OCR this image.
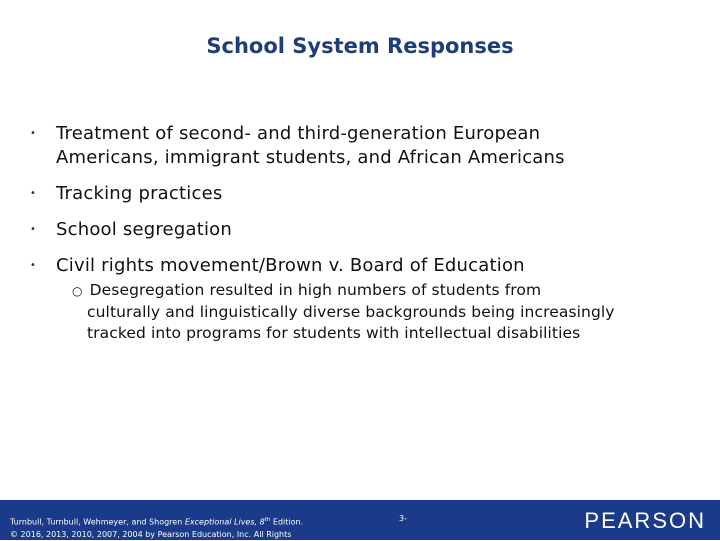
School System Responses
• Treatment of second- and third-generation European
Americans, immigrant students, and African Americans
• Tracking practices
• School segregation
• Civil rights movement/Brown v. Board of Education
○ Desegregation resulted in high numbers of students from
culturally and linguistically diverse backgrounds being increasingly
tracked into programs for students with intellectual disabilities
Turnbull, Turnbull, Wehmeyer, and Shogren Exceptional Lives, 8th Edition.
© 2016, 2013, 2010, 2007, 2004 by Pearson Education, Inc. All Rights
3-	PEARSON
